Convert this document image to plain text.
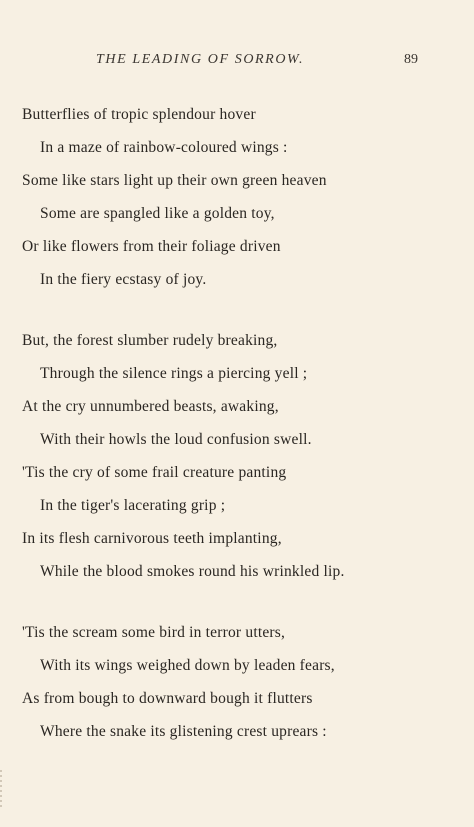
THE LEADING OF SORROW.	89
Butterflies of tropic splendour hover
In a maze of rainbow-coloured wings :
Some like stars light up their own green heaven
Some are spangled like a golden toy,
Or like flowers from their foliage driven
In the fiery ecstasy of joy.
But, the forest slumber rudely breaking,
Through the silence rings a piercing yell ;
At the cry unnumbered beasts, awaking,
With their howls the loud confusion swell.
'Tis the cry of some frail creature panting
In the tiger's lacerating grip ;
In its flesh carnivorous teeth implanting,
While the blood smokes round his wrinkled lip.
'Tis the scream some bird in terror utters,
With its wings weighed down by leaden fears,
As from bough to downward bough it flutters
Where the snake its glistening crest uprears :
